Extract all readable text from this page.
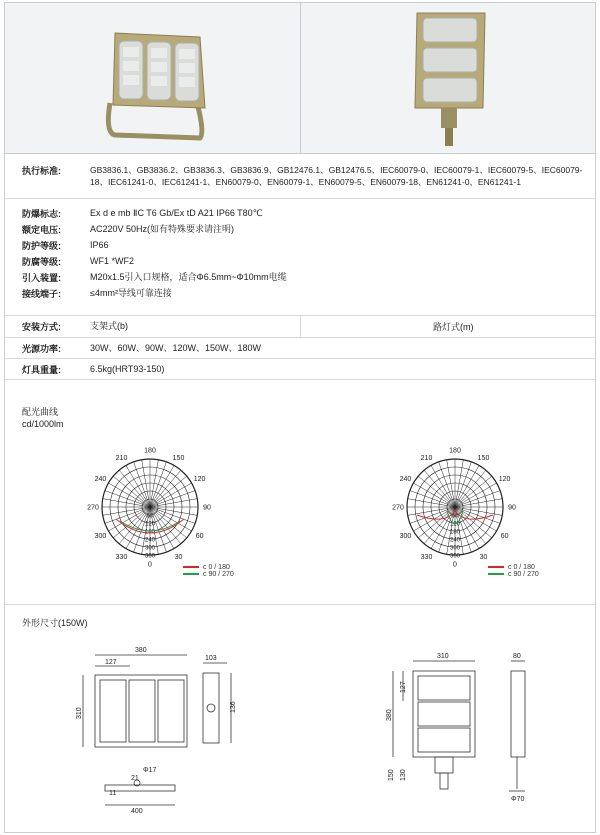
执行标准:	GB3836.1、GB3836.2、GB3836.3、GB3836.9、GB12476.1、GB12476.5、IEC60079-0、IEC60079-1、IEC60079-5、IEC60079-18、IEC61241-0、IEC61241-1、EN60079-0、EN60079-1、EN60079-5、EN60079-18、EN61241-0、EN61241-1
防爆标志:	Ex d e mb ⅡC T6 Gb/Ex tD A21 IP66 T80℃
额定电压:	AC220V 50Hz(如有特殊要求请注明)
防护等级:	IP66
防腐等级:	WF1 *WF2
引入装置:	M20x1.5引入口规格，适合Φ6.5mm~Φ10mm电缆
接线端子:	≤4mm²导线可靠连接
安装方式:	支架式(b)	路灯式(m)
光源功率:	30W、60W、90W、120W、150W、180W
灯具重量:	6.5kg(HRT93-150)
配光曲线
cd/1000lm
180
210	150
240	120
270	90
300	60
330	30
0
60
120
180
240
300
360
180
210	150
240	120
270	90
300	60
330	30
0
60
120
180
240
300
360
c 0 / 180
c 90 / 270
c 0 / 180
c 90 / 270
外形尺寸(150W)
380
127
310
103
136
Φ17
21
11
400
310
127
380
130
150
80
Φ70
